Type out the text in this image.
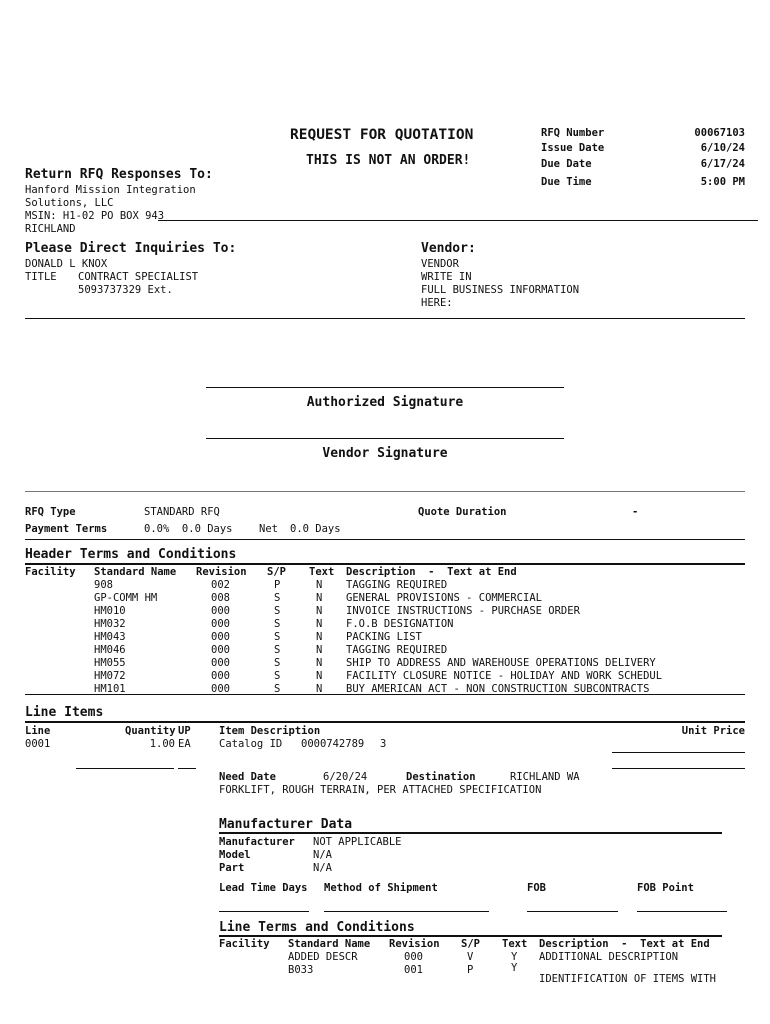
REQUEST FOR QUOTATION
THIS IS NOT AN ORDER!
RFQ Number	00067103
Issue Date	6/10/24
Due Date	6/17/24
Due Time	5:00 PM
Return RFQ Responses To:
Hanford Mission Integration
Solutions, LLC
MSIN: H1-02 PO BOX 943
RICHLAND
Please Direct Inquiries To:
DONALD L KNOX
TITLE CONTRACT SPECIALIST
5093737329 Ext.
Vendor:
VENDOR
WRITE IN
FULL BUSINESS INFORMATION
HERE:
Authorized Signature
Vendor Signature
RFQ Type	STANDARD RFQ	Quote Duration	-
Payment Terms	0.0%  0.0 Days	Net 0.0 Days
Header Terms and Conditions
Facility Standard Name Revision S/P Text Description  -  Text at End
908	002	P	N TAGGING REQUIRED
GP-COMM HM	008	S	N GENERAL PROVISIONS - COMMERCIAL
HM010	000	S	N INVOICE INSTRUCTIONS - PURCHASE ORDER
HM032	000	S	N F.O.B DESIGNATION
HM043	000	S	N PACKING LIST
HM046	000	S	N TAGGING REQUIRED
HM055	000	S	N SHIP TO ADDRESS AND WAREHOUSE OPERATIONS DELIVERY
HM072	000	S	N FACILITY CLOSURE NOTICE - HOLIDAY AND WORK SCHEDUL
HM101	000	S	N BUY AMERICAN ACT - NON CONSTRUCTION SUBCONTRACTS
Line Items
Line	Quantity UP	Item Description	Unit Price
0001	1.00 EA	Catalog ID 0000742789 3
Need Date	6/20/24	Destination	RICHLAND WA
FORKLIFT, ROUGH TERRAIN, PER ATTACHED SPECIFICATION
Manufacturer Data
Manufacturer NOT APPLICABLE
Model	N/A
Part	N/A
Lead Time Days Method of Shipment	FOB	FOB Point
Line Terms and Conditions
Facility Standard Name Revision S/P Text Description  -  Text at End
ADDED DESCR	000	V	Y ADDITIONAL DESCRIPTION
B033	001	P	Y
IDENTIFICATION OF ITEMS WITH
